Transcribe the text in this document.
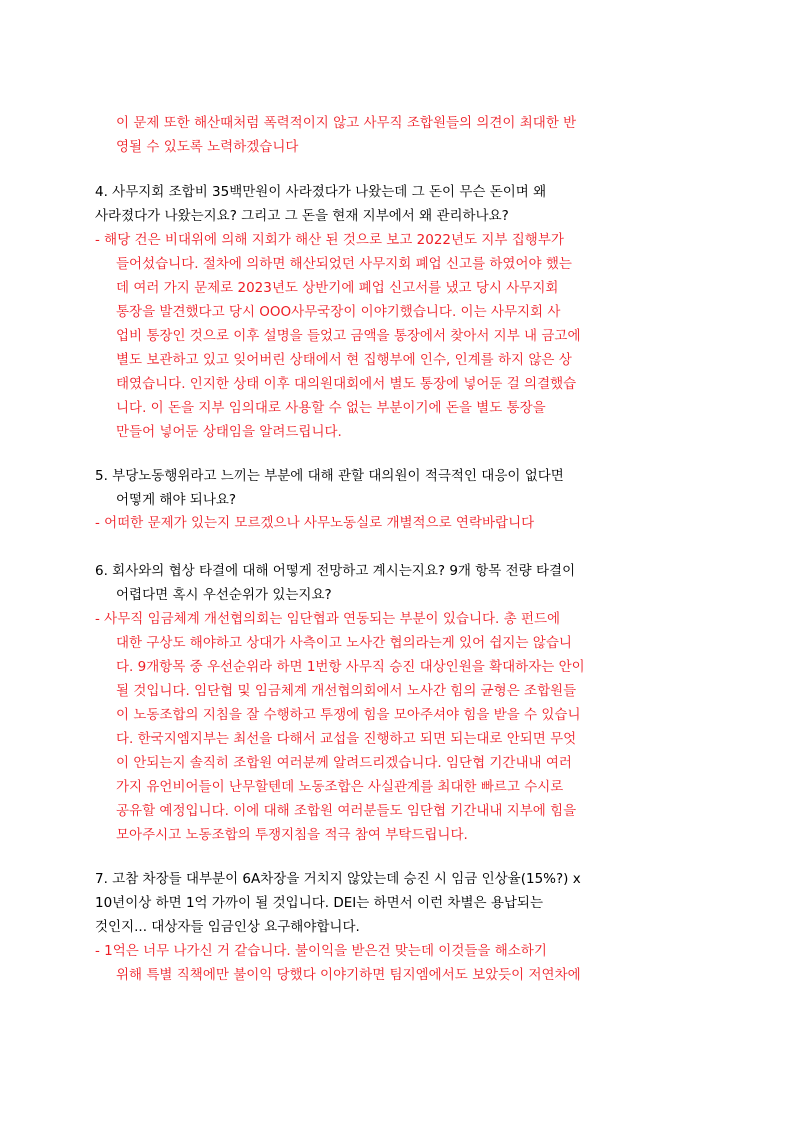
이 문제 또한 해산때처럼 폭력적이지 않고 사무직 조합원들의 의견이 최대한 반
영될 수 있도록 노력하겠습니다
4. 사무지회 조합비 35백만원이 사라졌다가 나왔는데 그 돈이 무슨 돈이며 왜
사라졌다가 나왔는지요? 그리고 그 돈을 현재 지부에서 왜 관리하나요?
- 해당 건은 비대위에 의해 지회가 해산 된 것으로 보고 2022년도 지부 집행부가
들어섰습니다. 절차에 의하면 해산되었던 사무지회 폐업 신고를 하였어야 했는
데 여러 가지 문제로 2023년도 상반기에 폐업 신고서를 냈고 당시 사무지회
통장을 발견했다고 당시 OOO사무국장이 이야기했습니다. 이는 사무지회 사
업비 통장인 것으로 이후 설명을 들었고 금액을 통장에서 찾아서 지부 내 금고에
별도 보관하고 있고 잊어버린 상태에서 현 집행부에 인수, 인계를 하지 않은 상
태였습니다. 인지한 상태 이후 대의원대회에서 별도 통장에 넣어둔 걸 의결했습
니다. 이 돈을 지부 임의대로 사용할 수 없는 부분이기에 돈을 별도 통장을
만들어 넣어둔 상태임을 알려드립니다.
5. 부당노동행위라고 느끼는 부분에 대해 관할 대의원이 적극적인 대응이 없다면
어떻게 해야 되나요?
- 어떠한 문제가 있는지 모르겠으나 사무노동실로 개별적으로 연락바랍니다
6. 회사와의 협상 타결에 대해 어떻게 전망하고 계시는지요? 9개 항목 전량 타결이
어렵다면 혹시 우선순위가 있는지요?
- 사무직 임금체계 개선협의회는 임단협과 연동되는 부분이 있습니다. 총 펀드에
대한 구상도 해야하고 상대가 사측이고 노사간 협의라는게 있어 쉽지는 않습니
다. 9개항목 중 우선순위라 하면 1번항 사무직 승진 대상인원을 확대하자는 안이
될 것입니다. 임단협 및 임금체계 개선협의회에서 노사간 힘의 균형은 조합원들
이 노동조합의 지침을 잘 수행하고 투쟁에 힘을 모아주셔야 힘을 받을 수 있습니
다. 한국지엠지부는 최선을 다해서 교섭을 진행하고 되면 되는대로 안되면 무엇
이 안되는지 솔직히 조합원 여러분께 알려드리겠습니다. 임단협 기간내내 여러
가지 유언비어들이 난무할텐데 노동조합은 사실관계를 최대한 빠르고 수시로
공유할 예정입니다. 이에 대해 조합원 여러분들도 임단협 기간내내 지부에 힘을
모아주시고 노동조합의 투쟁지침을 적극 참여 부탁드립니다.
7. 고참 차장들 대부분이 6A차장을 거치지 않았는데 승진 시 임금 인상율(15%?) x
10년이상 하면 1억 가까이 될 것입니다. DEI는 하면서 이런 차별은 용납되는
것인지... 대상자들 임금인상 요구해야합니다.
- 1억은 너무 나가신 거 같습니다. 불이익을 받은건 맞는데 이것들을 해소하기
위해 특별 직책에만 불이익 당했다 이야기하면 팀지엠에서도 보았듯이 저연차에
